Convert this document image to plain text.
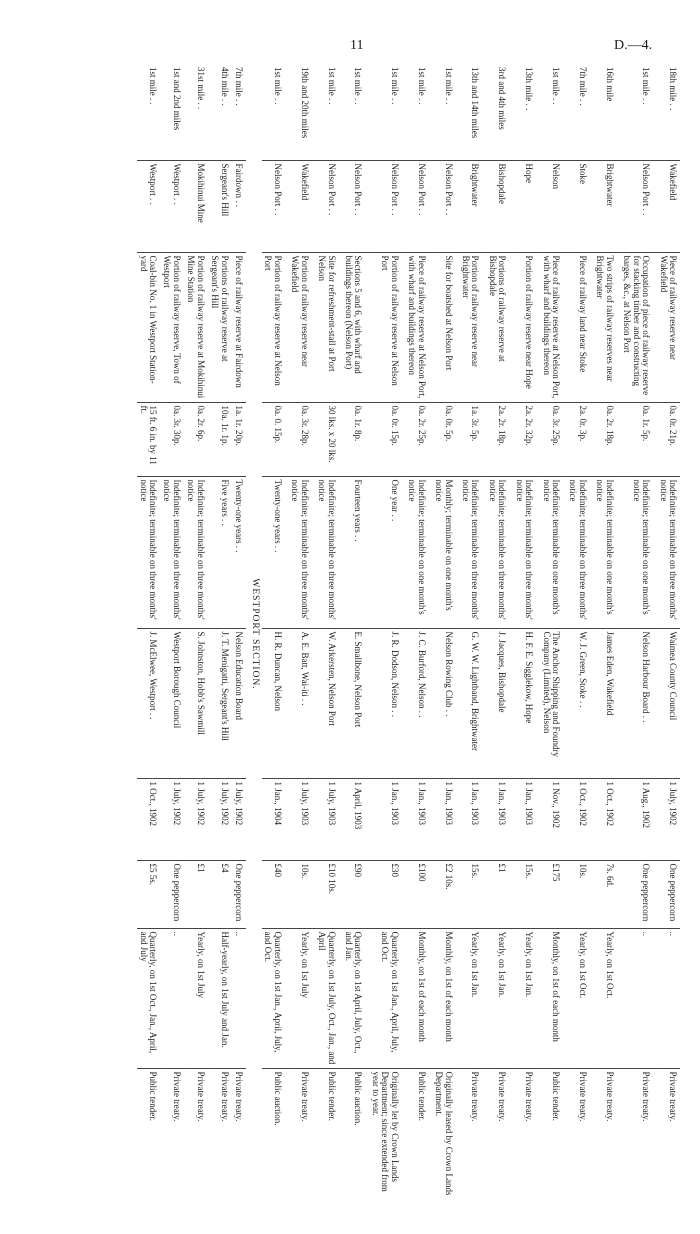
11	D.—4.
18th mile . .	Wakefield	Piece of railway reserve near Wakefield	0a. 0r. 21p.	Indefinite; terminable on three months' notice	Waimea County Council	1 July, 1902	One peppercorn	..	Private treaty.
1st mile . .	Nelson Port . .	Occupation of piece of railway reserve for stacking timber and constructing barges, &c., at Nelson Port	0a. 1r. 5p.	Indefinite; terminable on one month's notice	Nelson Harbour Board . .	1 Aug., 1902	One peppercorn	..	Private treaty.
16th mile	Brightwater	Two strips of railway reserves near Brightwater	0a. 2r. 18p.	Indefinite; terminable on one month's notice	James Eden, Wakefield	1 Oct., 1902	7s. 6d.	Yearly, on 1st Oct.	Private treaty.
7th mile . .	Stoke	Piece of railway land near Stoke	2a. 0r. 3p.	Indefinite; terminable on three months' notice	W. J. Green, Stoke . .	1 Oct., 1902	10s.	Yearly, on 1st Oct.	Private treaty.
1st mile . .	Nelson	Piece of railway reserve at Nelson Port, with wharf and buildings thereon	0a. 3r. 25p.	Indefinite; terminable on one month's notice	The Anchor Shipping and Foundry Company (Limited), Nelson	1 Nov., 1902	£175	Monthly, on 1st of each month	Public tender.
13th mile . .	Hope	Portion of railway reserve near Hope	2a. 2r. 32p.	Indefinite; terminable on three months' notice	H. F. E. Sigglekow, Hope	1 Jan., 1903	15s.	Yearly, on 1st Jan.	Private treaty.
3rd and 4th miles	Bishopdale	Portions of railway reserve at Bishopdale	2a. 2r. 18p.	Indefinite; terminable on three months' notice	J. Jacques, Bishopdale	1 Jan., 1903	£1	Yearly, on 1st Jan.	Private treaty.
13th and 14th miles	Brightwater	Portion of railway reserve near Brightwater	1a. 3r. 5p.	Indefinite; terminable on three months' notice	G. W. W. Lightband, Brightwater	1 Jan., 1903	15s.	Yearly, on 1st Jan.	Private treaty.
1st mile . .	Nelson Port . .	Site for boatshed at Nelson Port	0a. 0r. 5p.	Monthly; terminable on one month's notice	Nelson Rowing Club . .	1 Jan., 1903	£2 10s.	Monthly, on 1st of each month	Originally leased by Crown Lands Department.
1st mile . .	Nelson Port . .	Piece of railway reserve at Nelson Port, with wharf and buildings thereon	0a. 2r. 25p.	Indefinite; terminable on one month's notice	J. C. Burford, Nelson . .	1 Jan., 1903	£100	Monthly, on 1st of each month	Public tender.
1st mile . .	Nelson Port . .	Portion of railway reserve at Nelson Port	0a. 0r. 15p.	One year . .	J. R. Dodson, Nelson . .	1 Jan., 1903	£30	Quarterly, on 1st Jan., April, July, and Oct.	Originally let by Crown Lands Department; since extended from year to year.
1st mile . .	Nelson Port . .	Sections 5 and 6, with wharf and buildings thereon (Nelson Port)	0a. 1r. 8p.	Fourteen years . .	E. Smallbone, Nelson Port	1 April, 1903	£90	Quarterly, on 1st April, July, Oct., and Jan.	Public auction.
1st mile . .	Nelson Port . .	Site for refreshment-stall at Port Nelson	30 lks. x 20 lks.	Indefinite; terminable on three months' notice	W. Arkersten, Nelson Port	1 July, 1903	£10 10s.	Quarterly, on 1st July, Oct., Jan., and April	Public tender.
19th and 20th miles	Wakefield	Portion of railway reserve near Wakefield	0a. 3r. 28p.	Indefinite; terminable on three months' notice	A. E. Batt, Wai-iti . .	1 July, 1903	10s.	Yearly, on 1st July	Private treaty.
1st mile . .	Nelson Port . .	Portion of railway reserve at Nelson Port	0a. 0. 15p.	Twenty-one years . .	H. R. Duncan, Nelson	1 Jan., 1904	£40	Quarterly, on 1st Jan., April, July, and Oct.	Public auction.
WESTPORT SECTION.									
7th mile . .	Fairdown . .	Piece of railway reserve at Fairdown	1a. 1r. 20p.	Twenty-one years . .	Nelson Education Board	1 July, 1902	One peppercorn	..	Private treaty.
4th mile . .	Sergeant's Hill	Portions of railway reserve at Sergeant's Hill	10a. 1r. 1p.	Five years . .	J. T. Menigatti, Sergeant's Hill	1 July, 1902	£4	Half-yearly, on 1st July and Jan.	Private treaty.
31st mile . .	Mokihinui Mine	Portion of railway reserve at Mokihinui Mine Station	0a. 2r. 6p.	Indefinite; terminable on three months' notice	S. Johnston, Hobb's Sawmill	1 July, 1902	£1	Yearly, on 1st July	Private treaty.
1st and 2nd miles	Westport . .	Portion of railway reserve, Town of Westport	0a. 3r. 30p.	Indefinite; terminable on three months' notice	Westport Borough Council	1 July, 1902	One peppercorn	..	Private treaty.
1st mile . .	Westport . .	Coal-bin No. 1 in Westport Station-yard	15 ft. 6 in. by 11 ft.	Indefinite; terminable on three months' notice	J. McElwee, Westport . .	1 Oct., 1902	£5 5s.	Quarterly, on 1st Oct., Jan., April, and July	Public tender.
